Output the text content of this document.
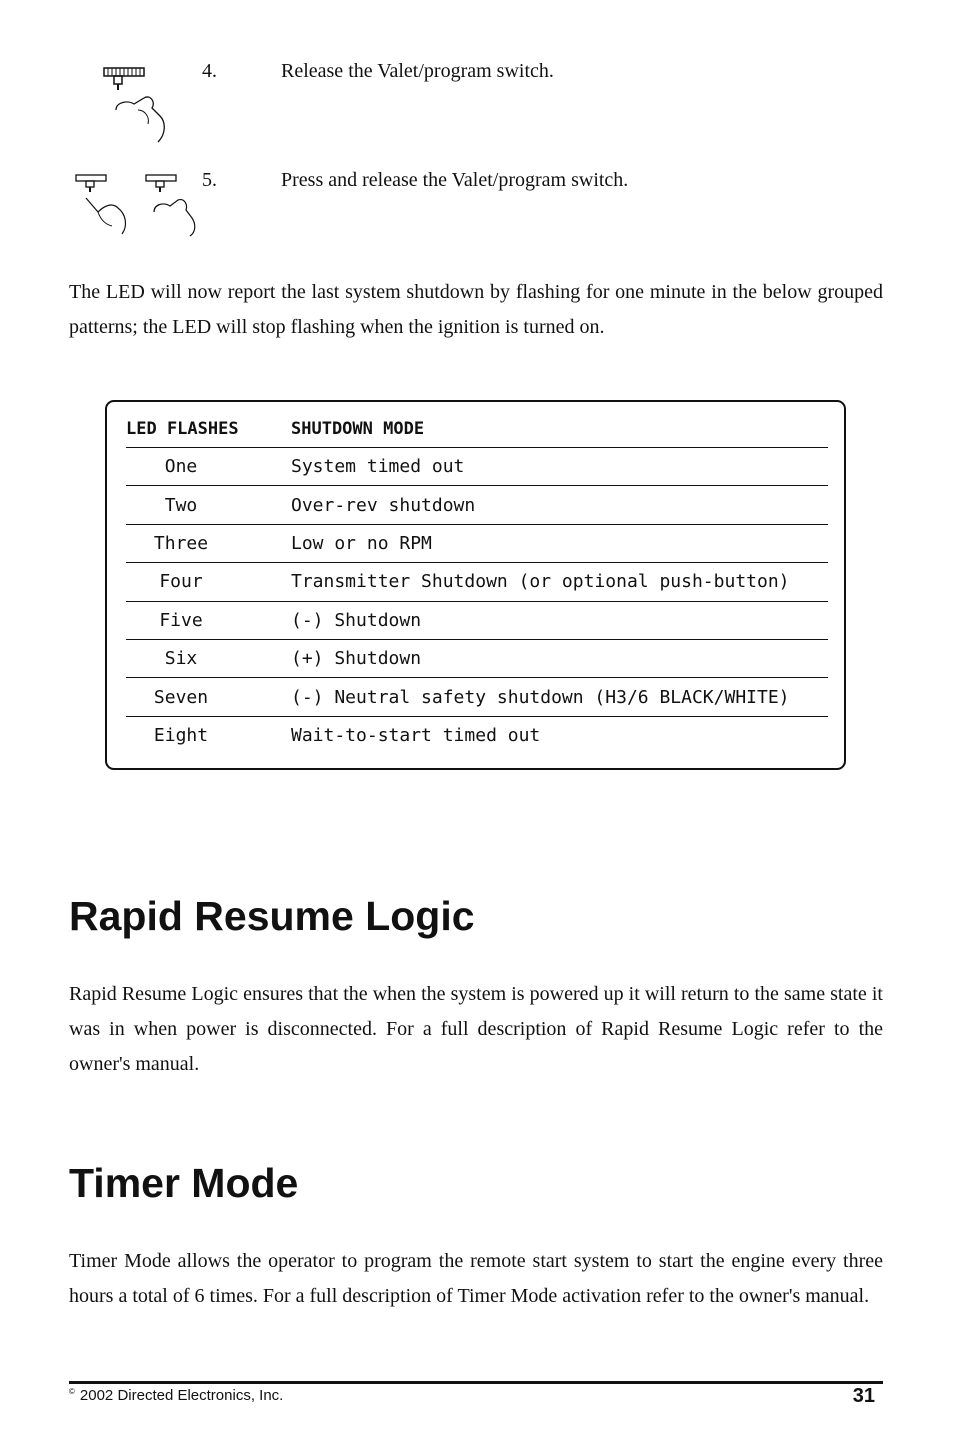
4.	Release the Valet/program switch.
5.	Press and release the Valet/program switch.
The LED will now report the last system shutdown by flashing for one minute in the below grouped patterns; the LED will stop flashing when the ignition is turned on.
LED FLASHES	SHUTDOWN MODE
One	System timed out
Two	Over-rev shutdown
Three	Low or no RPM
Four	Transmitter Shutdown (or optional push-button)
Five	(-) Shutdown
Six	(+) Shutdown
Seven	(-) Neutral safety shutdown (H3/6 BLACK/WHITE)
Eight	Wait-to-start timed out
Rapid Resume Logic
Rapid Resume Logic ensures that the when the system is powered up it will return to the same state it was in when power is disconnected. For a full description of Rapid Resume Logic refer to the owner's manual.
Timer Mode
Timer Mode allows the operator to program the remote start system to start the engine every three hours a total of 6 times. For a full description of Timer Mode activation refer to the owner's manual.
© 2002 Directed Electronics, Inc.	31
